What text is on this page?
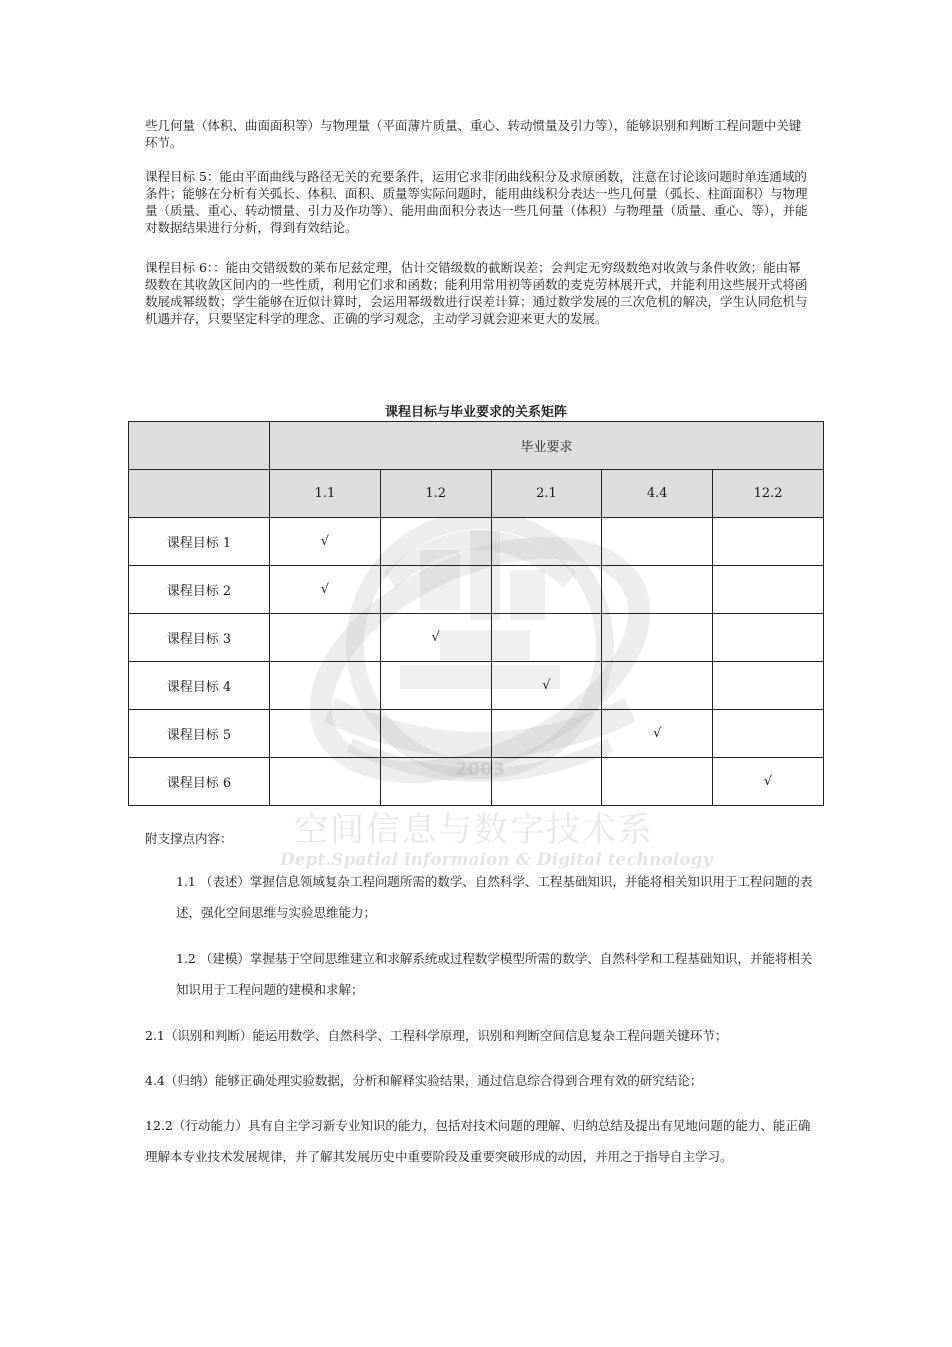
2003
空间信息与数字技术系
Dept.Spatial informaion & Digital technology
些几何量（体积、曲面面积等）与物理量（平面薄片质量、重心、转动惯量及引力等），能够识别和判断工程问题中关键环节。
课程目标 5：能由平面曲线与路径无关的充要条件，运用它求非闭曲线积分及求原函数，注意在讨论该问题时单连通域的条件；能够在分析有关弧长、体积、面积、质量等实际问题时，能用曲线积分表达一些几何量（弧长、柱面面积）与物理量（质量、重心、转动惯量、引力及作功等）、能用曲面积分表达一些几何量（体积）与物理量（质量、重心、等），并能对数据结果进行分析，得到有效结论。
课程目标 6：：能由交错级数的莱布尼兹定理，估计交错级数的截断误差；会判定无穷级数绝对收敛与条件收敛；能由幂级数在其收敛区间内的一些性质，利用它们求和函数；能利用常用初等函数的麦克劳林展开式，并能利用这些展开式将函数展成幂级数；学生能够在近似计算时，会运用幂级数进行误差计算；通过数学发展的三次危机的解决，学生认同危机与机遇并存，只要坚定科学的理念、正确的学习观念，主动学习就会迎来更大的发展。
课程目标与毕业要求的关系矩阵
	毕业要求				
	1.1	1.2	2.1	4.4	12.2
课程目标 1	√				
课程目标 2	√				
课程目标 3		√			
课程目标 4			√		
课程目标 5				√	
课程目标 6					√
附支撑点内容：
1.1 （表述）掌握信息领域复杂工程问题所需的数学、自然科学、工程基础知识，并能将相关知识用于工程问题的表述，强化空间思维与实验思维能力；
1.2 （建模）掌握基于空间思维建立和求解系统或过程数学模型所需的数学、自然科学和工程基础知识，并能将相关知识用于工程问题的建模和求解；
2.1（识别和判断）能运用数学、自然科学、工程科学原理，识别和判断空间信息复杂工程问题关键环节；
4.4（归纳）能够正确处理实验数据，分析和解释实验结果，通过信息综合得到合理有效的研究结论；
12.2（行动能力）具有自主学习新专业知识的能力，包括对技术问题的理解、归纳总结及提出有见地问题的能力、能正确理解本专业技术发展规律，并了解其发展历史中重要阶段及重要突破形成的动因，并用之于指导自主学习。
